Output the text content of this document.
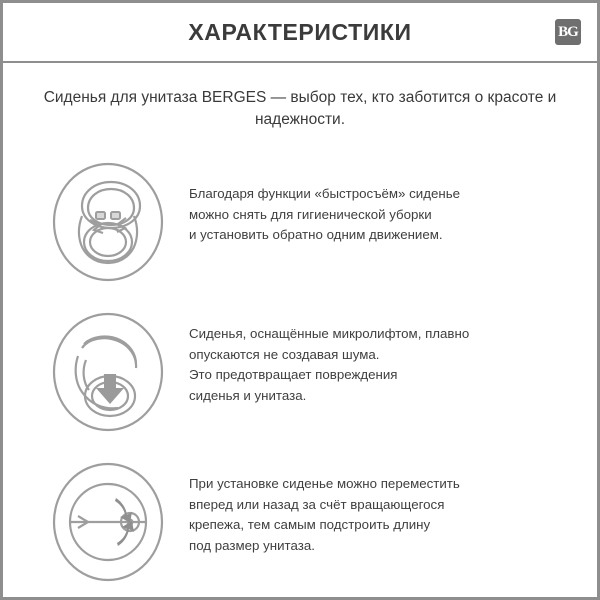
ХАРАКТЕРИСТИКИ	ВG
Сиденья для унитаза BERGES — выбор тех, кто заботится о красоте и надежности.
Благодаря функции «быстросъём» сиденье
можно снять для гигиенической уборки
и установить обратно одним движением.
Сиденья, оснащённые микролифтом, плавно
опускаются не создавая шума.
Это предотвращает повреждения
сиденья и унитаза.
При установке сиденье можно переместить
вперед или назад за счёт вращающегося
крепежа, тем самым подстроить длину
под размер унитаза.
